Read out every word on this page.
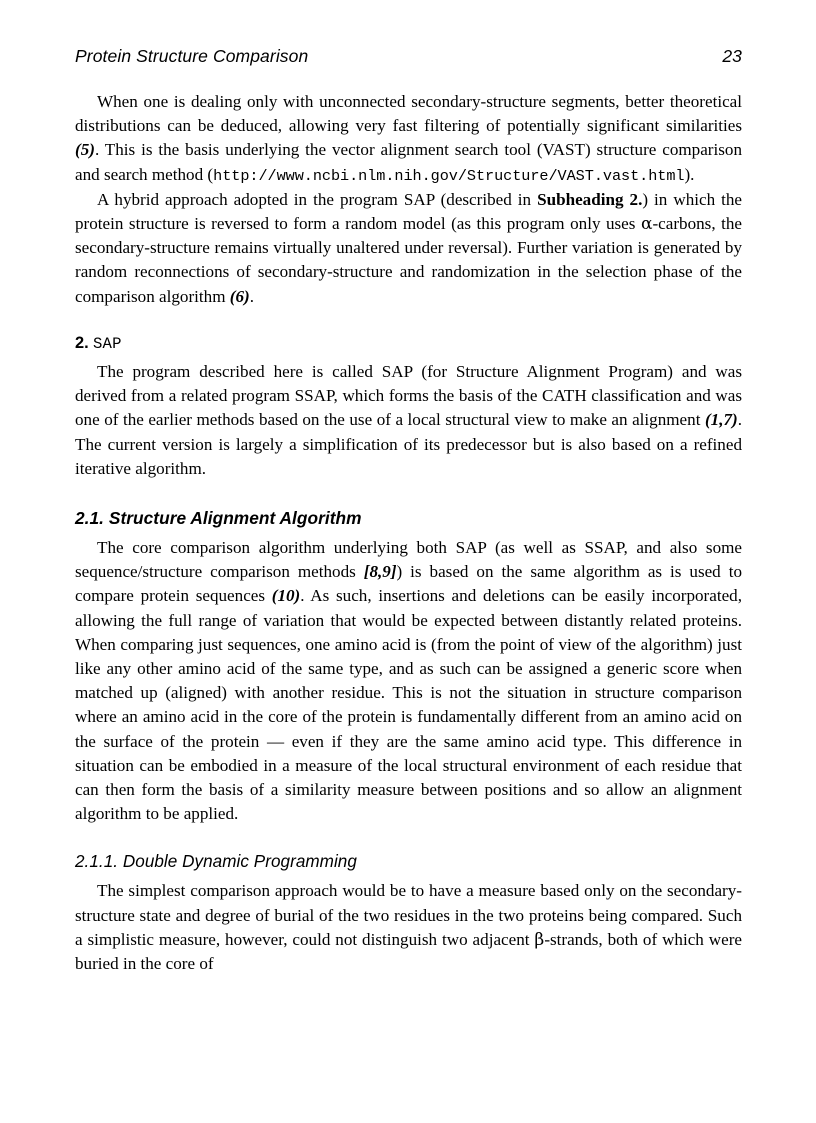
Protein Structure Comparison	23

When one is dealing only with unconnected secondary-structure segments, better theoretical distributions can be deduced, allowing very fast filtering of potentially significant similarities (5). This is the basis underlying the vector alignment search tool (VAST) structure comparison and search method (http://www.ncbi.nlm.nih.gov/Structure/VAST.vast.html).

A hybrid approach adopted in the program SAP (described in Subheading 2.) in which the protein structure is reversed to form a random model (as this program only uses α-carbons, the secondary-structure remains virtually unaltered under reversal). Further variation is generated by random reconnections of secondary-structure and randomization in the selection phase of the comparison algorithm (6).

2. SAP

The program described here is called SAP (for Structure Alignment Program) and was derived from a related program SSAP, which forms the basis of the CATH classification and was one of the earlier methods based on the use of a local structural view to make an alignment (1,7). The current version is largely a simplification of its predecessor but is also based on a refined iterative algorithm.

2.1. Structure Alignment Algorithm

The core comparison algorithm underlying both SAP (as well as SSAP, and also some sequence/structure comparison methods [8,9]) is based on the same algorithm as is used to compare protein sequences (10). As such, insertions and deletions can be easily incorporated, allowing the full range of variation that would be expected between distantly related proteins. When comparing just sequences, one amino acid is (from the point of view of the algorithm) just like any other amino acid of the same type, and as such can be assigned a generic score when matched up (aligned) with another residue. This is not the situation in structure comparison where an amino acid in the core of the protein is fundamentally different from an amino acid on the surface of the protein — even if they are the same amino acid type. This difference in situation can be embodied in a measure of the local structural environment of each residue that can then form the basis of a similarity measure between positions and so allow an alignment algorithm to be applied.

2.1.1. Double Dynamic Programming

The simplest comparison approach would be to have a measure based only on the secondary-structure state and degree of burial of the two residues in the two proteins being compared. Such a simplistic measure, however, could not distinguish two adjacent β-strands, both of which were buried in the core of
